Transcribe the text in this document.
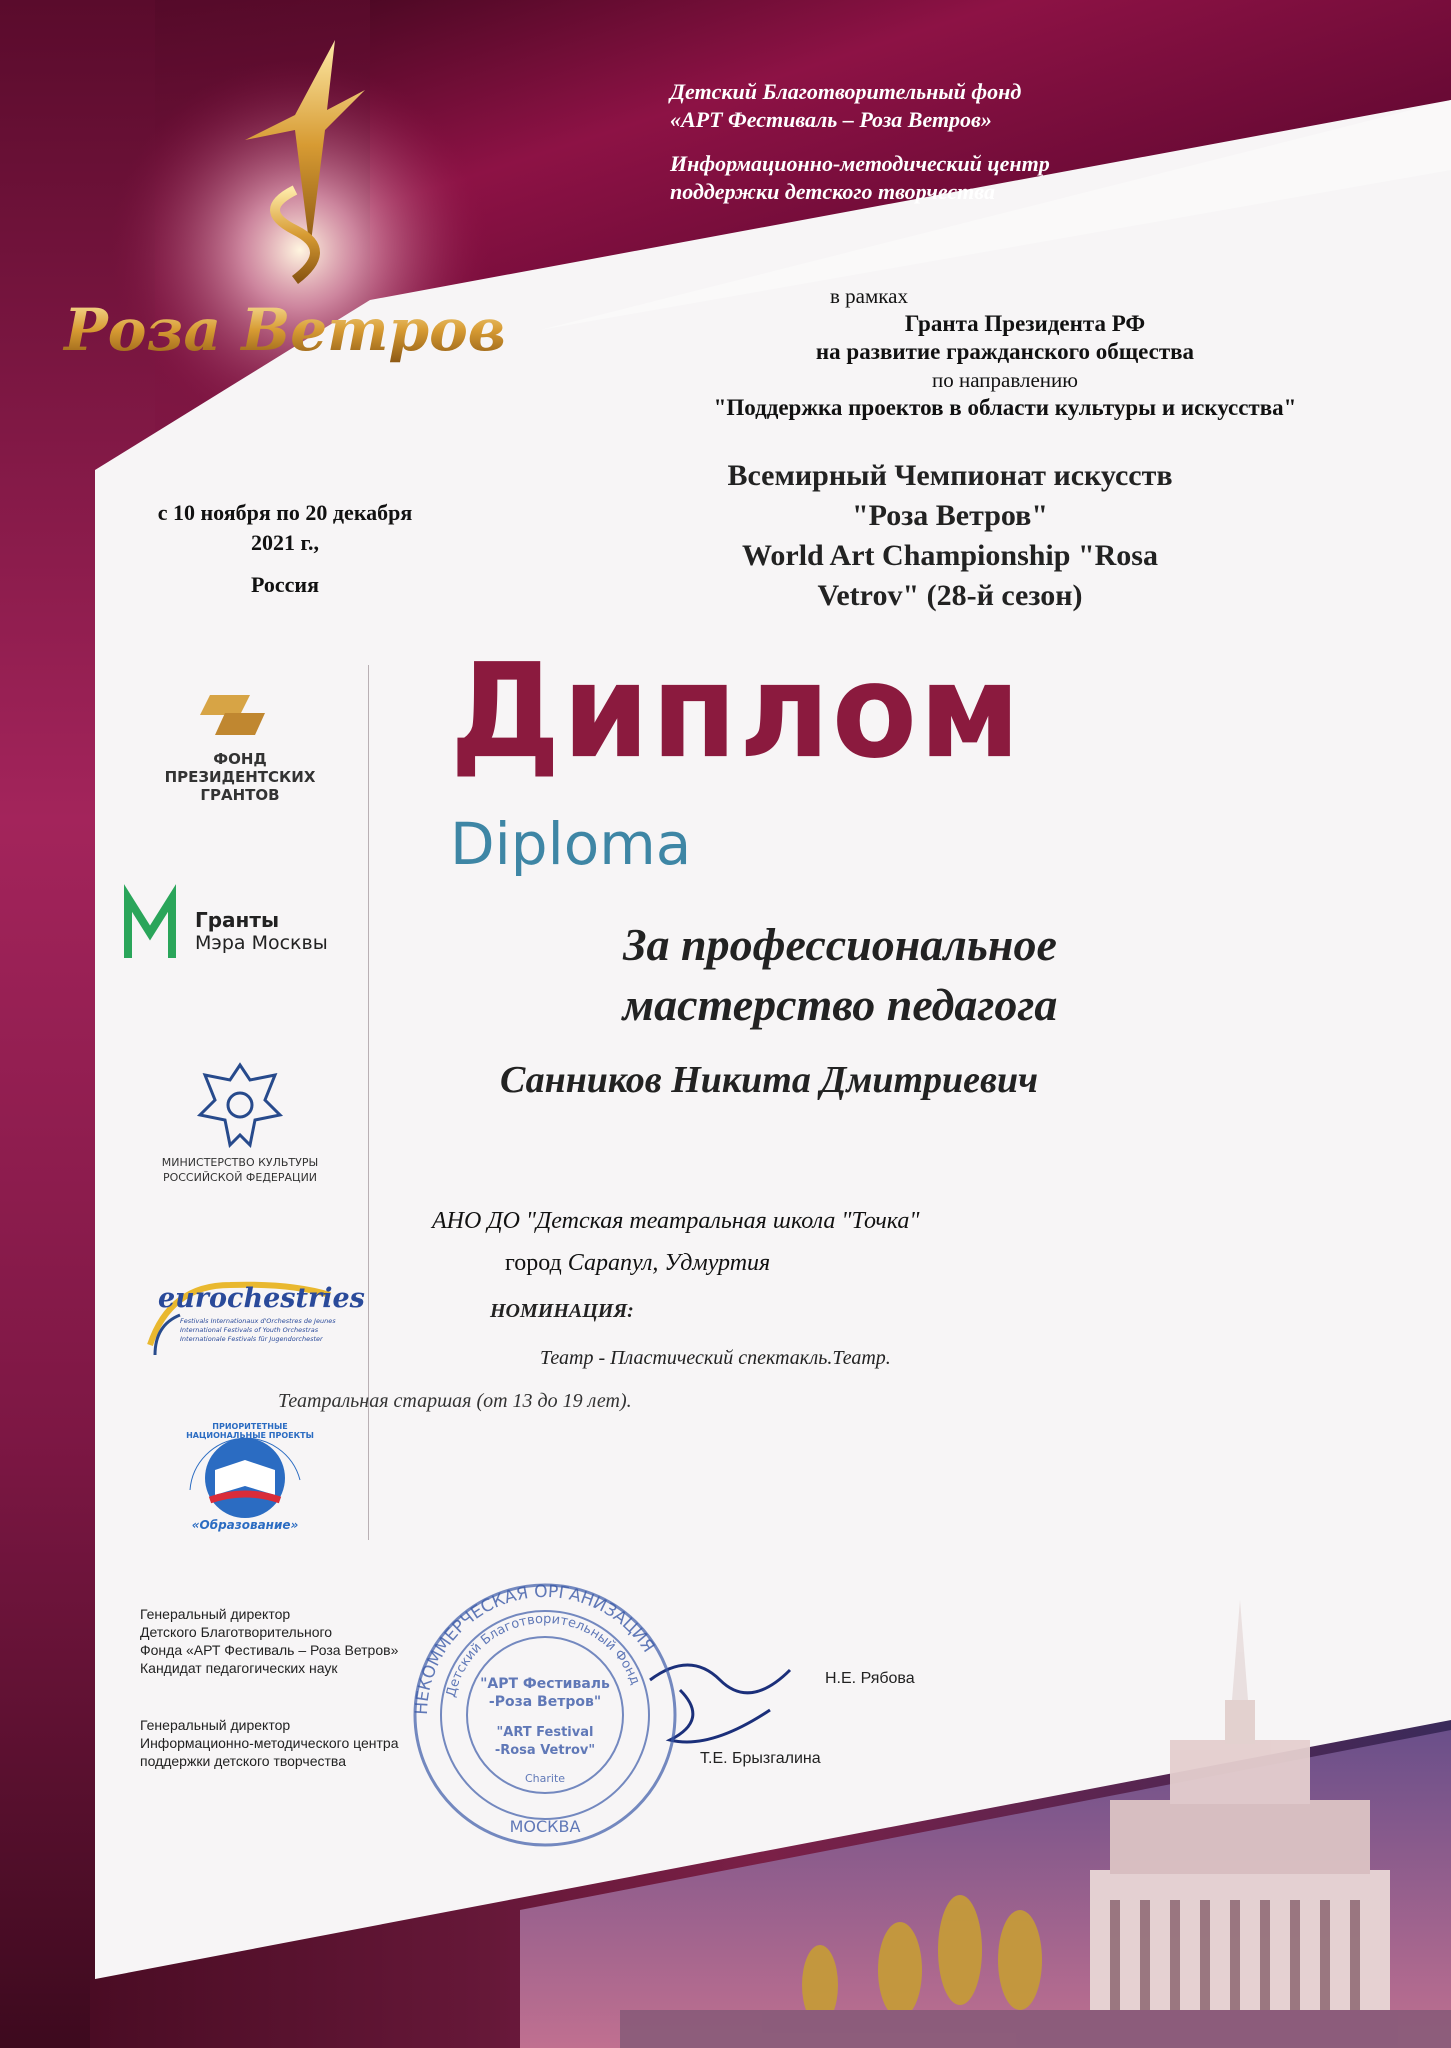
Роза Ветров
Детский Благотворительный фонд
«АРТ Фестиваль – Роза Ветров»
Информационно-методический центр
поддержки детского творчества
в рамках
Гранта Президента РФ
на развитие гражданского общества
по направлению
"Поддержка проектов в области культуры и искусства"
с 10 ноября по 20 декабря
2021 г.,
Россия
Всемирный Чемпионат искусств
"Роза Ветров"
World Art Championship "Rosa
Vetrov" (28-й сезон)
ФОНД
ПРЕЗИДЕНТСКИХ
ГРАНТОВ
Гранты
Мэра Москвы
МИНИСТЕРСТВО КУЛЬТУРЫ
РОССИЙСКОЙ ФЕДЕРАЦИИ
eurochestries
Festivals Internationaux d'Orchestres de Jeunes
International Festivals of Youth Orchestras
Internationale Festivals für Jugendorchester
ПРИОРИТЕТНЫЕ НАЦИОНАЛЬНЫЕ ПРОЕКТЫ
«Образование»
Диплом
Diploma
За профессиональное
мастерство педагога
Санников Никита Дмитриевич
АНО ДО "Детская театральная школа "Точка"
город Сарапул, Удмуртия
НОМИНАЦИЯ:
Театр - Пластический спектакль.Театр.
Театральная старшая (от 13 до 19 лет).
Генеральный директор
Детского Благотворительного
Фонда «АРТ Фестиваль – Роза Ветров»
Кандидат педагогических наук
Н.Е. Рябова
Генеральный директор
Информационно-методического центра
поддержки детского творчества	Т.Е. Брызгалина
НЕКОММЕРЧЕСКАЯ ОРГАНИЗАЦИЯ
Детский Благотворительный Фонд
"АРТ Фестиваль
-Роза Ветров"
"ART Festival
-Rosa Vetrov"
Charite
МОСКВА
